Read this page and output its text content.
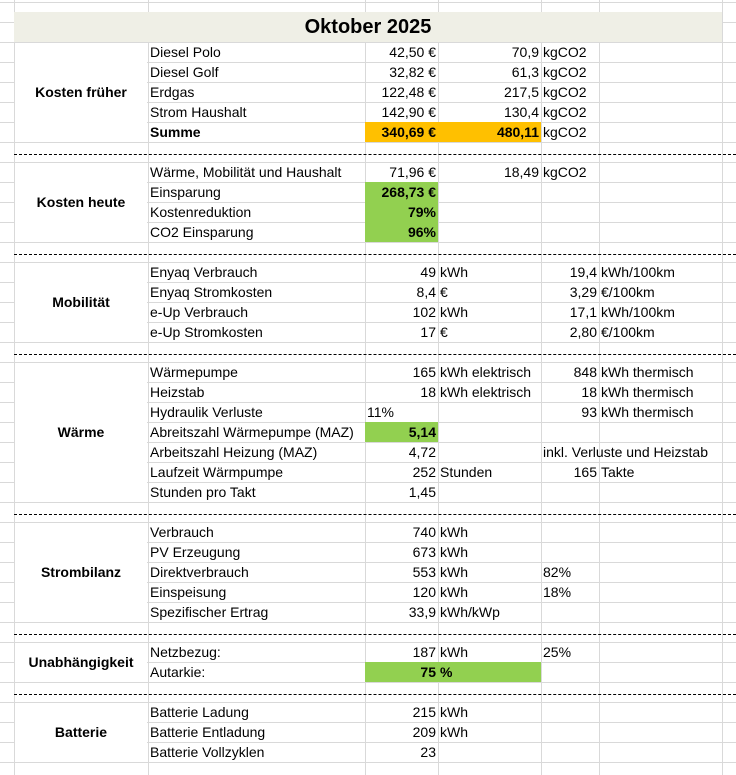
Oktober 2025
Kosten früher
Diesel Polo	42,50 €	70,9 kgCO2
Diesel Golf	32,82 €	61,3 kgCO2
Erdgas	122,48 €	217,5 kgCO2
Strom Haushalt	142,90 €	130,4 kgCO2
Summe	340,69 €	480,11 kgCO2
Kosten heute
Wärme, Mobilität und Haushalt	71,96 €	18,49 kgCO2
Einsparung	268,73 €
Kostenreduktion	79%
CO2 Einsparung	96%
Mobilität
Enyaq Verbrauch	49 kWh	19,4 kWh/100km
Enyaq Stromkosten	8,4 €	3,29 €/100km
e-Up Verbrauch	102 kWh	17,1 kWh/100km
e-Up Stromkosten	17 €	2,80 €/100km
Wärme
Wärmepumpe	165 kWh elektrisch	848 kWh thermisch
Heizstab	18 kWh elektrisch	18 kWh thermisch
Hydraulik Verluste	11%	93 kWh thermisch
Abreitszahl Wärmepumpe (MAZ)	5,14
Arbeitszahl Heizung (MAZ)	4,72	inkl. Verluste und Heizstab
Laufzeit Wärmpumpe	252 Stunden	165 Takte
Stunden pro Takt	1,45
Strombilanz
Verbrauch	740 kWh
PV Erzeugung	673 kWh
Direktverbrauch	553 kWh	82%
Einspeisung	120 kWh	18%
Spezifischer Ertrag	33,9 kWh/kWp
Unabhängigkeit
Netzbezug:	187 kWh	25%
Autarkie:	75 %
Batterie
Batterie Ladung	215 kWh
Batterie Entladung	209 kWh
Batterie Vollzyklen	23
